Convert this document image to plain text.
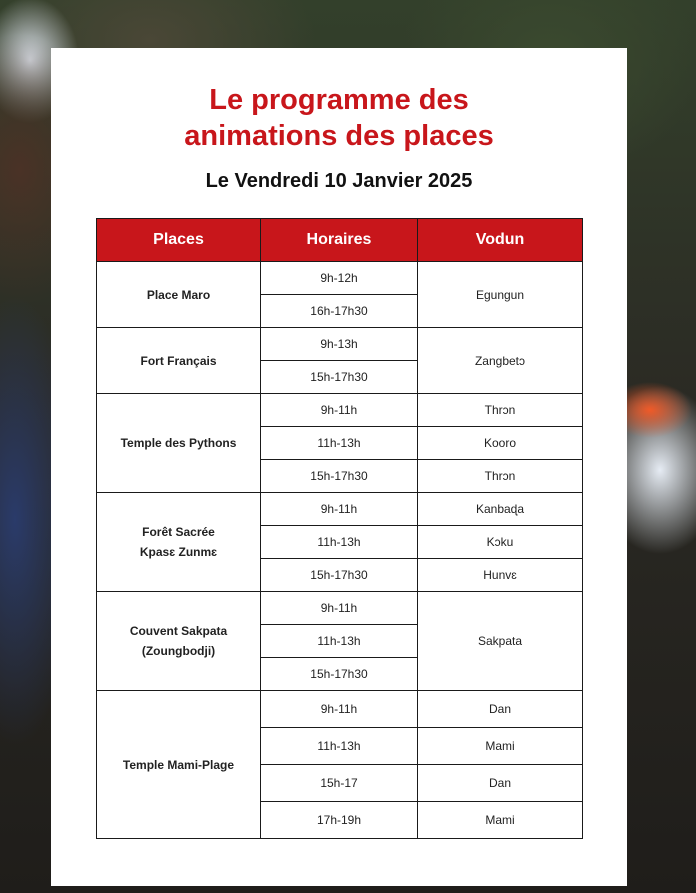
Le programme des
animations des places
Le Vendredi 10 Janvier 2025
Places	Horaires	Vodun
Place Maro	9h-12h	Egungun
	16h-17h30	
Fort Français	9h-13h	Zangbetɔ
	15h-17h30	
Temple des Pythons	9h-11h	Thrɔn
	11h-13h	Kooro
	15h-17h30	Thrɔn

Forêt Sacrée
Kpasɛ Zunmɛ	9h-11h	Kanbaɖa
	11h-13h	Kɔku
	15h-17h30	Hunvɛ

Couvent Sakpata
(Zoungbodji)	9h-11h	Sakpata
	11h-13h	
	15h-17h30	
Temple Mami-Plage	9h-11h	Dan
	11h-13h	Mami
	15h-17	Dan
	17h-19h	Mami
